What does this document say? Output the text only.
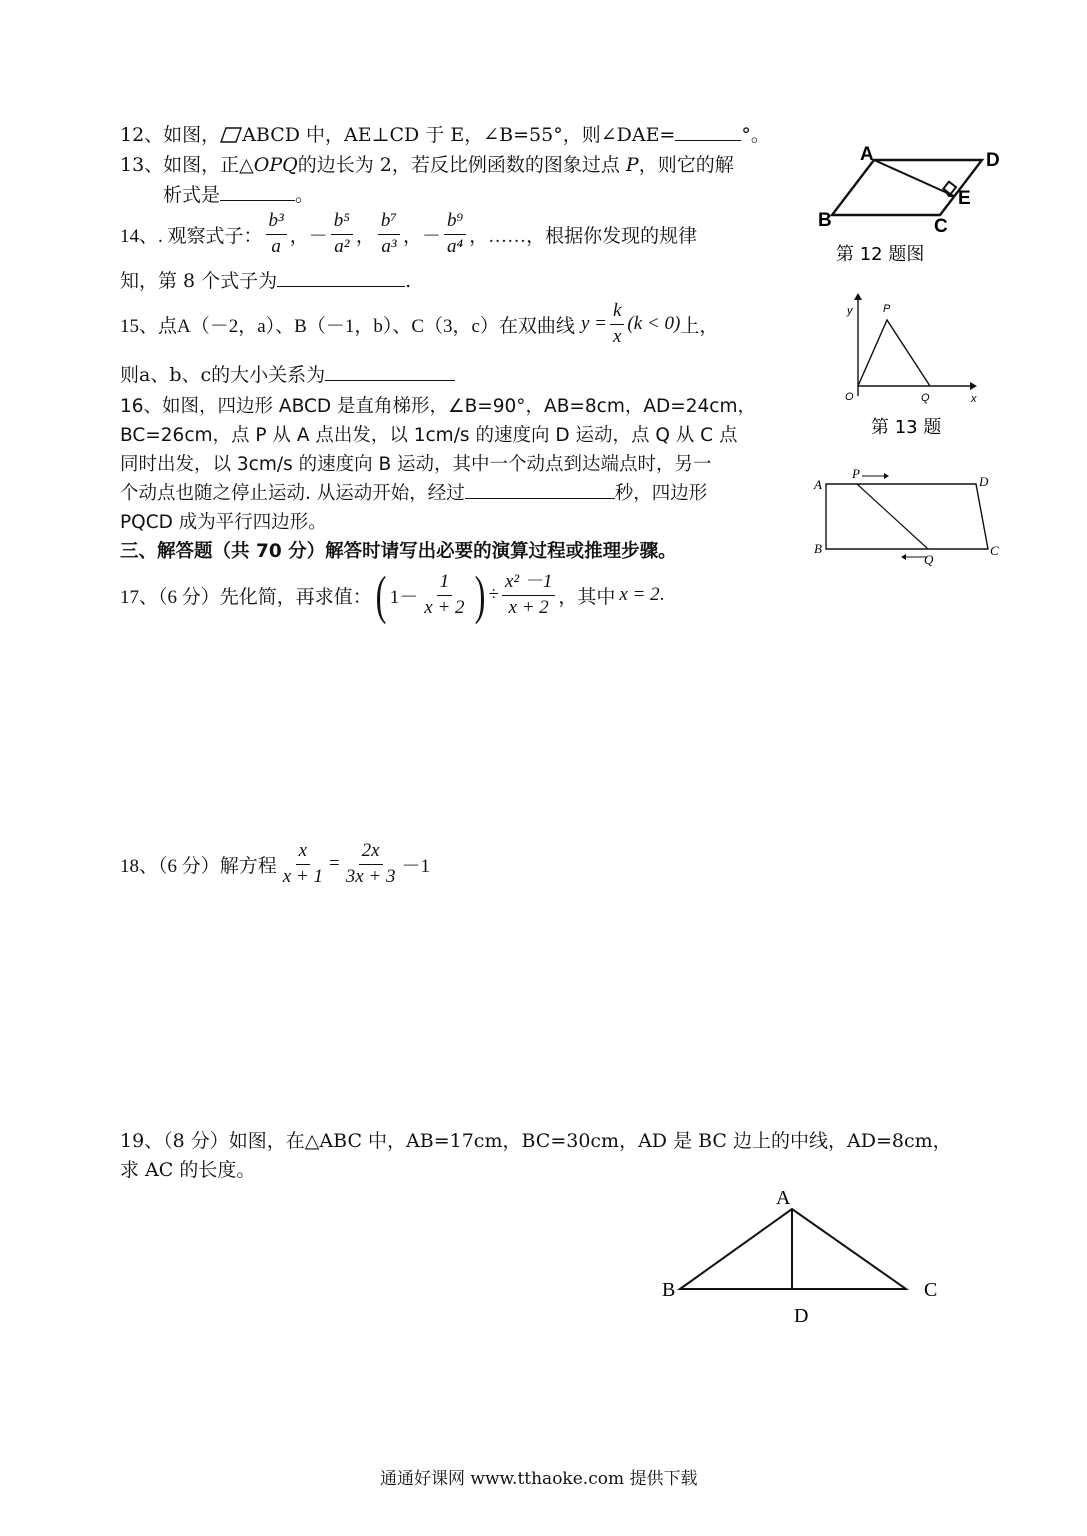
12、如图， ABCD 中，AE⊥CD 于 E，∠B=55°，则∠DAE=	°。
13、如图，正△OPQ的边长为 2，若反比例函数的图象过点 P，则它的解
析式是	。
14、. 观察式子： $\frac{\text{b³}}{a}$ ， － $\frac{\text{b⁵}}{\text{a²}}$ ， $\frac{\text{b⁷}}{\text{a³}}$ ， － $\frac{\text{b⁹}}{\text{a⁴}}$ ，……，根据你发现的规律
知，第 8 个式子为	.
15、点A（－2，a）、B（－1，b）、C（3，c）在双曲线 $y = \frac{k}{x} (k < 0)$ 上，
则a、b、c的大小关系为
16、如图，四边形 ABCD 是直角梯形，∠B=90°，AB=8cm，AD=24cm，
BC=26cm，点 P 从 A 点出发，以 1cm/s 的速度向 D 运动，点 Q 从 C 点
同时出发，以 3cm/s 的速度向 B 运动，其中一个动点到达端点时，另一
个动点也随之停止运动. 从运动开始，经过	秒，四边形
PQCD 成为平行四边形。
三、解答题（共 70 分）解答时请写出必要的演算过程或推理步骤。
17、（6 分）先化简，再求值： ( $1- \frac{1}{x + 2}$ ) ÷ $\frac{\text{x² －1}}{x + 2}$ ，其中 x = 2 .
18、（6 分）解方程 $\frac{x}{x + 1} = \frac{2x}{3x + 3} -1$
19、（8 分）如图，在△ABC 中，AB=17cm，BC=30cm，AD 是 BC 边上的中线，AD=8cm，
求 AC 的长度。
A	D
E
B	C
第 12 题图
y
x
O
P
Q
第 13 题
A
P
D
B	C
Q
A
B	C
D
通通好课网 www.tthaoke.com 提供下载
